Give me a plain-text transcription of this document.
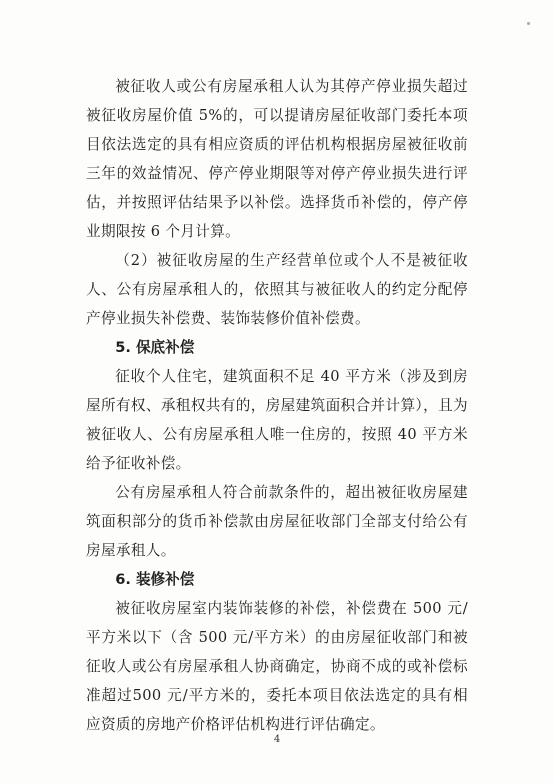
被征收人或公有房屋承租人认为其停产停业损失超过被征收房屋价值 5%的，可以提请房屋征收部门委托本项目依法选定的具有相应资质的评估机构根据房屋被征收前三年的效益情况、停产停业期限等对停产停业损失进行评估，并按照评估结果予以补偿。选择货币补偿的，停产停业期限按 6 个月计算。

（2）被征收房屋的生产经营单位或个人不是被征收人、公有房屋承租人的，依照其与被征收人的约定分配停产停业损失补偿费、装饰装修价值补偿费。

5. 保底补偿

征收个人住宅，建筑面积不足 40 平方米（涉及到房屋所有权、承租权共有的，房屋建筑面积合并计算），且为被征收人、公有房屋承租人唯一住房的，按照 40 平方米给予征收补偿。

公有房屋承租人符合前款条件的，超出被征收房屋建筑面积部分的货币补偿款由房屋征收部门全部支付给公有房屋承租人。

6. 装修补偿

被征收房屋室内装饰装修的补偿，补偿费在 500 元/平方米以下（含 500 元/平方米）的由房屋征收部门和被征收人或公有房屋承租人协商确定，协商不成的或补偿标准超过500 元/平方米的，委托本项目依法选定的具有相应资质的房地产价格评估机构进行评估确定。

4
